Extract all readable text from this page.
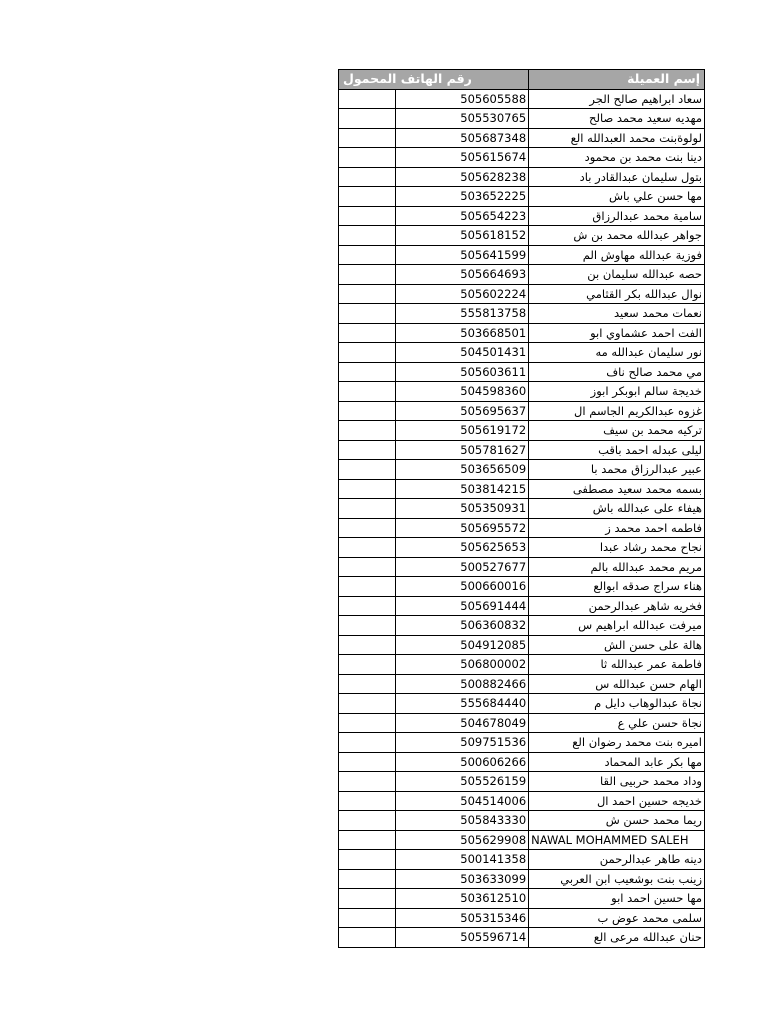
رقم الهاتف المحمول		إسم العميلة
	505605588	سعاد ابراهيم صالح الجر
	505530765	مهديه سعيد محمد صالح
	505687348	لولوةبنت محمد العبدالله الع
	505615674	دينا بنت محمد بن محمود
	505628238	بتول سليمان عبدالقادر باد
	503652225	مها حسن علي باش
	505654223	سامية محمد عبدالرزاق
	505618152	جواهر عبدالله محمد بن ش
	505641599	فوزية عبدالله مهاوش الم
	505664693	حصه عبدالله سليمان بن
	505602224	نوال عبدالله بكر القثامي
	555813758	نعمات محمد سعيد
	503668501	الفت احمد عشماوي ابو
	504501431	نور سليمان عبدالله مه
	505603611	مي محمد صالح ناف
	504598360	خديجة سالم ابوبكر ابوز
	505695637	غزوه عبدالكريم الجاسم ال
	505619172	تركيه محمد بن سيف
	505781627	ليلى عبدله احمد باقب
	503656509	عبير عبدالرزاق محمد با
	503814215	بسمه محمد سعيد مصطفى
	505350931	هيفاء على عبدالله باش
	505695572	فاطمه احمد محمد ز
	505625653	نجاح محمد رشاد عبدا
	500527677	مريم محمد عبدالله بالم
	500660016	هناء سراج صدقه ابوالع
	505691444	فخريه شاهر عبدالرحمن
	506360832	ميرفت عبدالله ابراهيم س
	504912085	هالة على حسن الش
	506800002	فاطمة عمر عبدالله ثا
	500882466	الهام حسن عبدالله س
	555684440	نجاة عبدالوهاب دايل م
	504678049	نجاة حسن علي ع
	509751536	اميره بنت محمد رضوان الع
	500606266	مها بكر عابد المحماد
	505526159	وداد محمد حربيى القا
	504514006	خديجه حسين احمد ال
	505843330	ريما محمد حسن ش
	505629908	NAWAL MOHAMMED SALEH
	500141358	دينه طاهر عبدالرحمن
	503633099	زينب بنت بوشعيب ابن العربي
	503612510	مها حسين احمد ابو
	505315346	سلمى محمد عوض ب
	505596714	حنان عبدالله مرعى الع
